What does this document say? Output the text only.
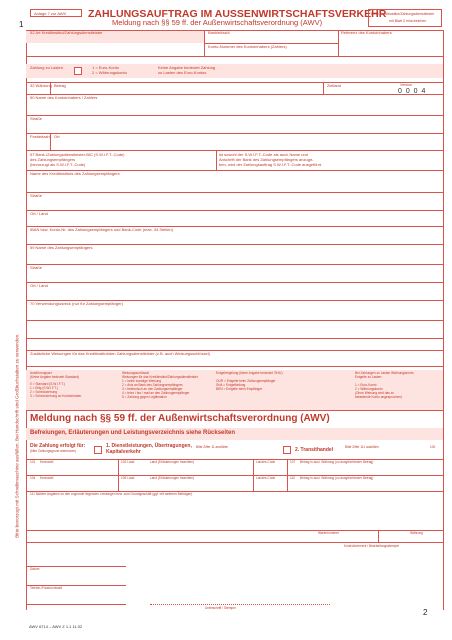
Anlage 7 zur AWV
1
ZAHLUNGSAUFTRAG IM AUSSENWIRTSCHAFTSVERKEHR
Meldung nach §§ 59 ff. der Außenwirtschaftsverordnung (AWV)
Dem Kreditinstitut/Zahlungsdienstleister
mit Blatt 2 einzureichen
Bitte bevorzugt mit Schreibmaschine ausfüllen. Bei Handschrift sind Großbuchstaben zu verwenden.
52 Art Kreditinstitut/Zahlungsdienstleister	Bankleitzahl	Referenz des Kontoinhabers
Konto-Nummer des Kontoinhabers (Zahlers)
Zahlung zu Lasten	1 = Euro-Konto
2 = Währungskonto
Keine Angabe bedeutet Zahlung
zu Lasten des Euro-Kontos
32 Währung Betrag	Zielland	Version
0 0 0 4
50 Name des Kontoinhabers / Zahlers
Straße
Postleitzahl Ort
57 Bank-/Zahlungsdienstleister-BIC (S.W.I.F.T.-Code)
des Zahlungsempfängers
(bevorzugt als S.W.I.F.T.-Code)
ist sowohl der S.W.I.F.T.-Code als auch Name und
Anschrift der Bank des Zahlungsempfängers anzuge-
ben, wird der Zahlungsauftrag S.W.I.F.T.-Code ausgeführt.
Name des Kreditinstituts des Zahlungsempfängers
Straße
Ort / Land
IBAN bzw. Konto-Nr. des Zahlungsempfängers und Bank-Code (max. 34 Stellen)
59 Name des Zahlungsempfängers
Straße
Ort / Land
70 Verwendungszweck (nur für Zahlungsempfänger)
Zusätzliche Weisungen für das Kreditinstitut/den Zahlungsdienstleister (z.B. auch Weisungsschlüssel)
Ausführungsart
(Keine Angabe bedeutet Standard)
0 = Standard (S.W.I.F.T.)
1 = Eilig (S.W.I.F.T.)
2 = Scheckziehung
3 = Scheckziehung an Kontoinhaber
Weisungsschlüssel
Weisungen für das Kreditinstitut/Zahlungsdienstleister
1 = keine sonstige Weisung
2 = Avis an Bank des Zahlungsempfängers
3 = telefonisch an den Zahlungsempfänger
4 = telex / fax / mail an den Zahlungsempfänger
5 = Zahlung gegen Legitimation
Entgeltregelung (keine Angabe bedeutet 'SHA')
OUR = Entgelte beim Zahlungsempfänger
SHA = Entgeltteilung
BEN = Entgelte beim Empfänger
Bei Zahlungen zu Lasten Währungskonto
Entgelte zu Lasten
1 = Euro-Konto
2 = Währungskonto
(Ohne Weisung wird das zu
belastende Konto angesprochen)
Meldung nach §§ 59 ff. der Außenwirtschaftsverordnung (AWV)
Befreiungen, Erläuterungen und Leistungsverzeichnis siehe Rückseiten
Die Zahlung erfolgt für:
(bitte Zahlungsgrund ankreuzen)
1. Dienstleistungen, Übertragungen,
Kapitalverkehr
Bitte Ziffer 11 ausfüllen	2. Transithandel	Bitte Ziffer 111 ausfüllen	100
101 Kennzahl	102 Land	Land (Erläuterungen beachten)	Landes-Code	107 Betrag in ausl. Währung (zu ausgleichender Betrag)
104 Kennzahl	105 Land	Land (Erläuterungen beachten)	Landes-Code	110 Betrag in ausl. Währung (zu ausgleichender Betrag)
111 Nähere Angaben zu den zugrunde liegenden Leistungen bzw. zum Grundgeschäft (ggf. mit weiteren Beiträgen)
Warennummer	Währung
Kontrollvermerk / Bearbeitungsstempel
Datum
Telefon-/Faxdurchwahl
Unterschrift / Stempel	2
AWV 6714 – AWV Z 1.1 11.02
